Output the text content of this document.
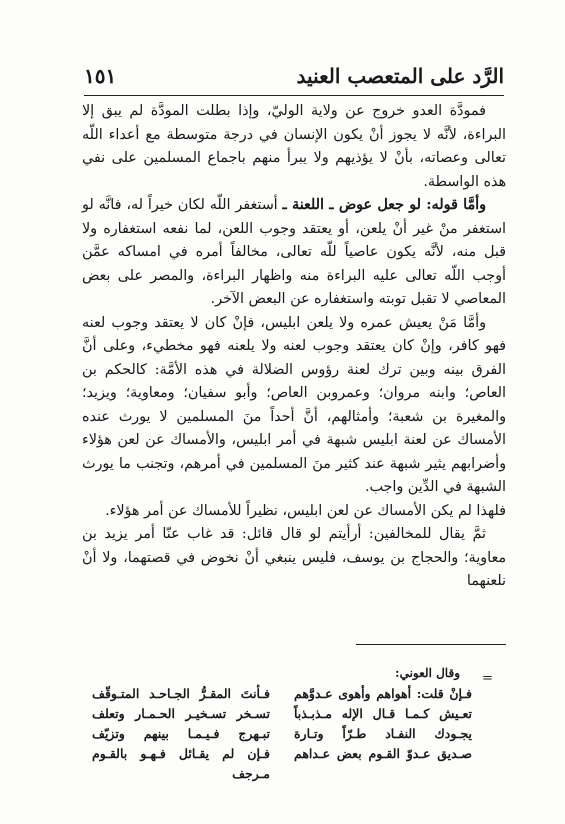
الرَّد على المتعصب العنيد
١٥١

فمودَّة العدو خروج عن ولاية الوليّ، وإذا بطلت المودَّة لم يبق إلا البراءة، لأنَّه لا يجوز أنْ يكون الإنسان في درجة متوسطة مع أعداء اللّه تعالى وعصاته، بأنْ لا يؤذيهم ولا يبرأ منهم باجماع المسلمين على نفي هذه الواسطة.

وأمَّا قوله: لو جعل عوض ـ اللعنة ـ أستغفر اللّه لكان خيراً له، فانَّه لو استغفر منْ غير أنْ يلعن، أو يعتقد وجوب اللعن، لما نفعه استغفاره ولا قبل منه، لأنَّه يكون عاصياً للّه تعالى، مخالفاً أمره في امساكه عمَّن أوجب اللّه تعالى عليه البراءة منه واظهار البراءة، والمصر على بعض المعاصي لا تقبل توبته واستغفاره عن البعض الآخر.

وأمَّا مَنْ يعيش عمره ولا يلعن ابليس، فإنْ كان لا يعتقد وجوب لعنه فهو كافر، وإنْ كان يعتقد وجوب لعنه ولا يلعنه فهو مخطيء، وعلى أنَّ الفرق بينه وبين ترك لعنة رؤوس الضلالة في هذه الأمَّة: كالحكم بن العاص؛ وابنه مروان؛ وعمروبن العاص؛ وأبو سفيان؛ ومعاوية؛ ويزيد؛ والمغيرة بن شعبة؛ وأمثالهم، أنَّ أحداً منَ المسلمين لا يورث عنده الأمساك عن لعنة ابليس شبهة في أمر ابليس، والأمساك عن لعن هؤلاء وأضرابهم يثير شبهة عند كثير منَ المسلمين في أمرهم، وتجنب ما يورث الشبهة في الدِّين واجب.

فلهذا لم يكن الأمساك عن لعن ابليس، نظيراً للأمساك عن أمر هؤلاء.

ثمَّ يقال للمخالفين: أرأيتم لو قال قائل: قد غاب عنّا أمر يزيد بن معاوية؛ والحجاج بن يوسف، فليس ينبغي أنْ نخوض في قصتهما، ولا أنْ نلعنهما

=
وقال العوني:
فـإنْ قلت: أهواهم وأهوى عـدوَّهم
فـأنتَ المقـرُّ الجـاحـد المتـوقّف
تعـيش كـمـا قـال الإله مـذبـذباً
تسـخر تسـخيـر الحـمـار وتعلف
يجـودك النفـاد طـرّاً وتـارة
تبـهرج فـيـمـا بينهم وتزيّف
صـديق عـدوّ القـوم بعض عـداهم
فـإن لم يقـائل فـهـو بالقـوم مـرجف
